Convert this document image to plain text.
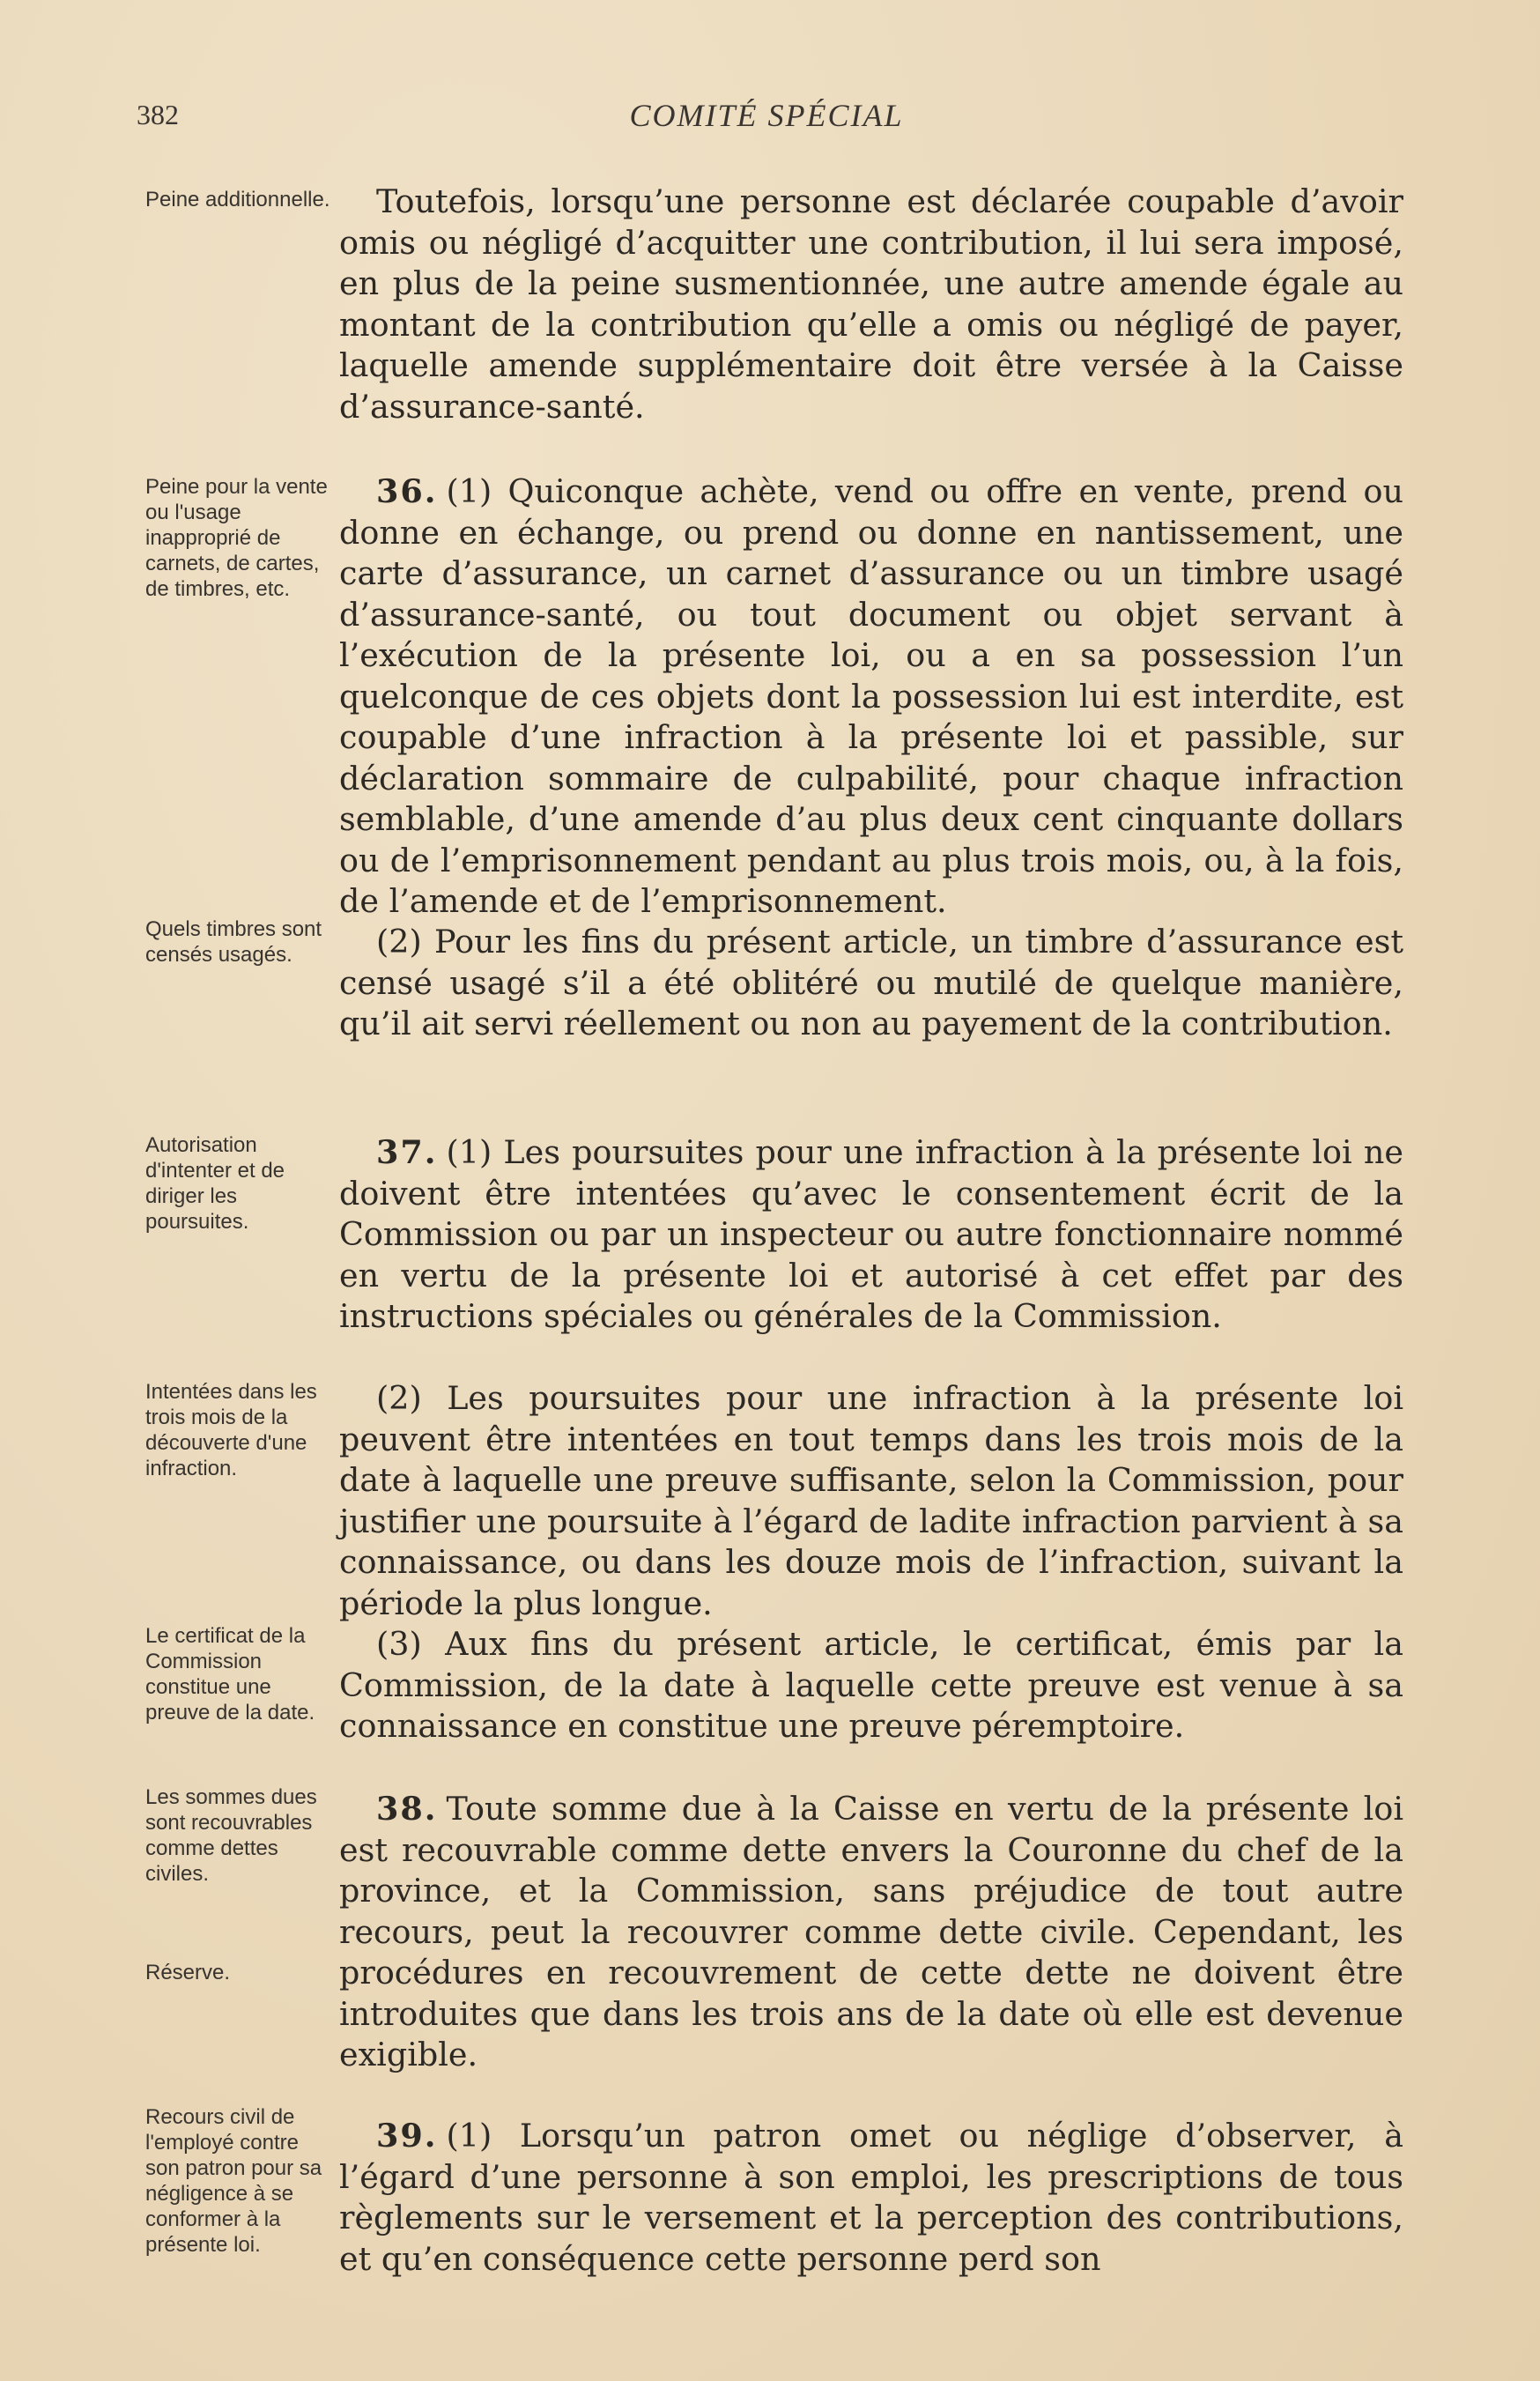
382	COMITÉ SPÉCIAL
Peine additionnelle.
Peine pour la vente ou l'usage inapproprié de carnets, de cartes, de timbres, etc.
Quels timbres sont censés usagés.
Autorisation d'intenter et de diriger les poursuites.
Intentées dans les trois mois de la découverte d'une infraction.
Le certificat de la Commission constitue une preuve de la date.
Les sommes dues sont recouvrables comme dettes civiles.
Réserve.
Recours civil de l'employé contre son patron pour sa négligence à se conformer à la présente loi.
Toutefois, lorsqu’une personne est déclarée coupable d’avoir omis ou négligé d’acquitter une contribution, il lui sera imposé, en plus de la peine susmentionnée, une autre amende égale au montant de la contribution qu’elle a omis ou négligé de payer, laquelle amende supplémentaire doit être versée à la Caisse d’assurance-santé.
36. (1) Quiconque achète, vend ou offre en vente, prend ou donne en échange, ou prend ou donne en nantissement, une carte d’assurance, un carnet d’assurance ou un timbre usagé d’assurance-santé, ou tout document ou objet servant à l’exécution de la présente loi, ou a en sa possession l’un quelconque de ces objets dont la possession lui est interdite, est coupable d’une infraction à la présente loi et passible, sur déclaration sommaire de culpabilité, pour chaque infraction semblable, d’une amende d’au plus deux cent cinquante dollars ou de l’emprisonnement pendant au plus trois mois, ou, à la fois, de l’amende et de l’emprisonnement.
(2) Pour les fins du présent article, un timbre d’assurance est censé usagé s’il a été oblitéré ou mutilé de quelque manière, qu’il ait servi réellement ou non au payement de la contribution.
37. (1) Les poursuites pour une infraction à la présente loi ne doivent être intentées qu’avec le consentement écrit de la Commission ou par un inspecteur ou autre fonctionnaire nommé en vertu de la présente loi et autorisé à cet effet par des instructions spéciales ou générales de la Commission.
(2) Les poursuites pour une infraction à la présente loi peuvent être intentées en tout temps dans les trois mois de la date à laquelle une preuve suffisante, selon la Commission, pour justifier une poursuite à l’égard de ladite infraction parvient à sa connaissance, ou dans les douze mois de l’infraction, suivant la période la plus longue.
(3) Aux fins du présent article, le certificat, émis par la Commission, de la date à laquelle cette preuve est venue à sa connaissance en constitue une preuve péremptoire.
38. Toute somme due à la Caisse en vertu de la présente loi est recouvrable comme dette envers la Couronne du chef de la province, et la Commission, sans préjudice de tout autre recours, peut la recouvrer comme dette civile. Cependant, les procédures en recouvrement de cette dette ne doivent être introduites que dans les trois ans de la date où elle est devenue exigible.
39. (1) Lorsqu’un patron omet ou néglige d’observer, à l’égard d’une personne à son emploi, les prescriptions de tous règlements sur le versement et la perception des contributions, et qu’en conséquence cette personne perd son
